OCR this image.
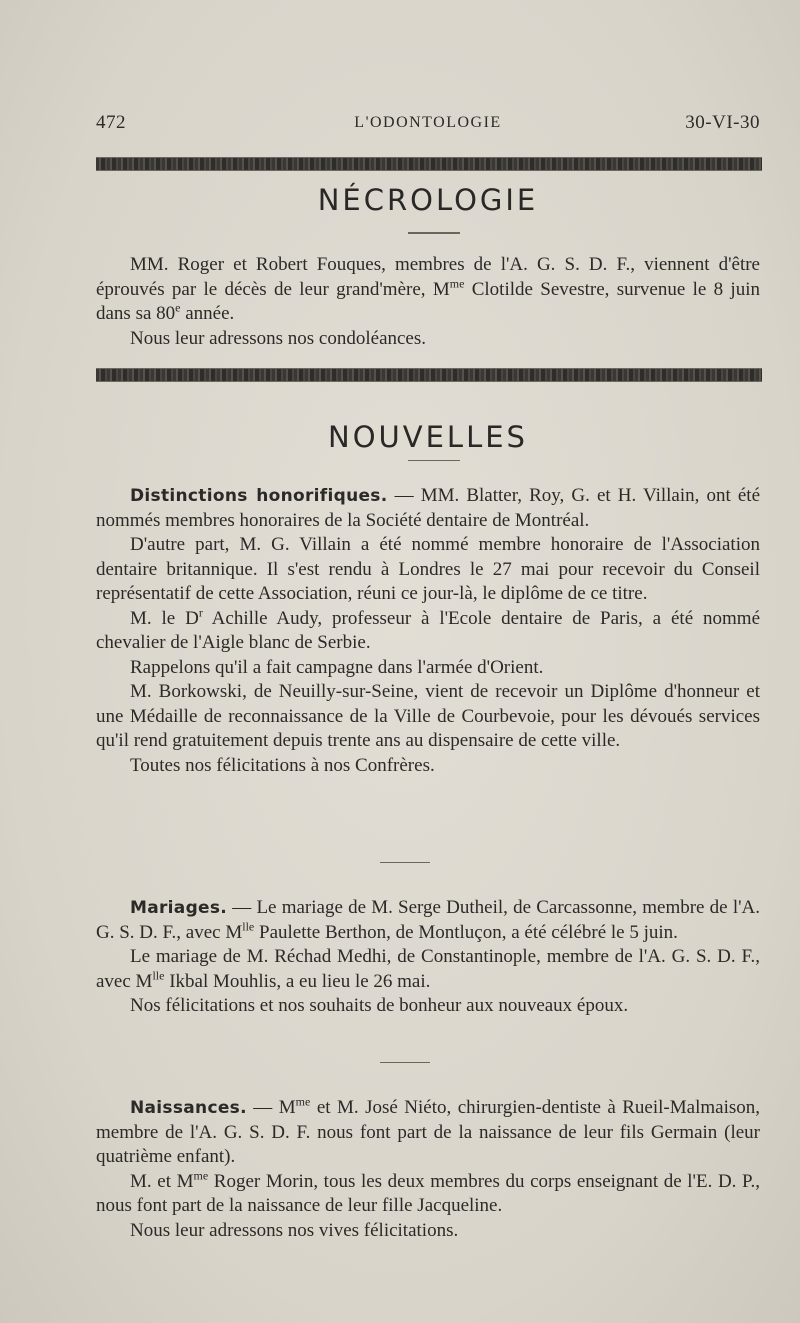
472	L'ODONTOLOGIE	30-VI-30
NÉCROLOGIE
MM. Roger et Robert Fouques, membres de l'A. G. S. D. F., viennent d'être éprouvés par le décès de leur grand'mère, $M^{me}$ Clotilde Sevestre, survenue le 8 juin dans sa 80e année.
Nous leur adressons nos condoléances.
NOUVELLES
Distinctions honorifiques. — MM. Blatter, Roy, G. et H. Villain, ont été nommés membres honoraires de la Société dentaire de Montréal.
D'autre part, M. G. Villain a été nommé membre honoraire de l'Association dentaire britannique. Il s'est rendu à Londres le 27 mai pour recevoir du Conseil représentatif de cette Association, réuni ce jour-là, le diplôme de ce titre.
M. le $D^r$ Achille Audy, professeur à l'Ecole dentaire de Paris, a été nommé chevalier de l'Aigle blanc de Serbie.
Rappelons qu'il a fait campagne dans l'armée d'Orient.
M. Borkowski, de Neuilly-sur-Seine, vient de recevoir un Diplôme d'honneur et une Médaille de reconnaissance de la Ville de Courbevoie, pour les dévoués services qu'il rend gratuitement depuis trente ans au dispensaire de cette ville.
Toutes nos félicitations à nos Confrères.
Mariages. — Le mariage de M. Serge Dutheil, de Carcassonne, membre de l'A. G. S. D. F., avec $M^{lle}$ Paulette Berthon, de Montluçon, a été célébré le 5 juin.
Le mariage de M. Réchad Medhi, de Constantinople, membre de l'A. G. S. D. F., avec $M^{lle}$ Ikbal Mouhlis, a eu lieu le 26 mai.
Nos félicitations et nos souhaits de bonheur aux nouveaux époux.
Naissances. — $M^{me}$ et M. José Niéto, chirurgien-dentiste à Rueil-Malmaison, membre de l'A. G. S. D. F. nous font part de la naissance de leur fils Germain (leur quatrième enfant).
M. et $M^{me}$ Roger Morin, tous les deux membres du corps enseignant de l'E. D. P., nous font part de la naissance de leur fille Jacqueline.
Nous leur adressons nos vives félicitations.
